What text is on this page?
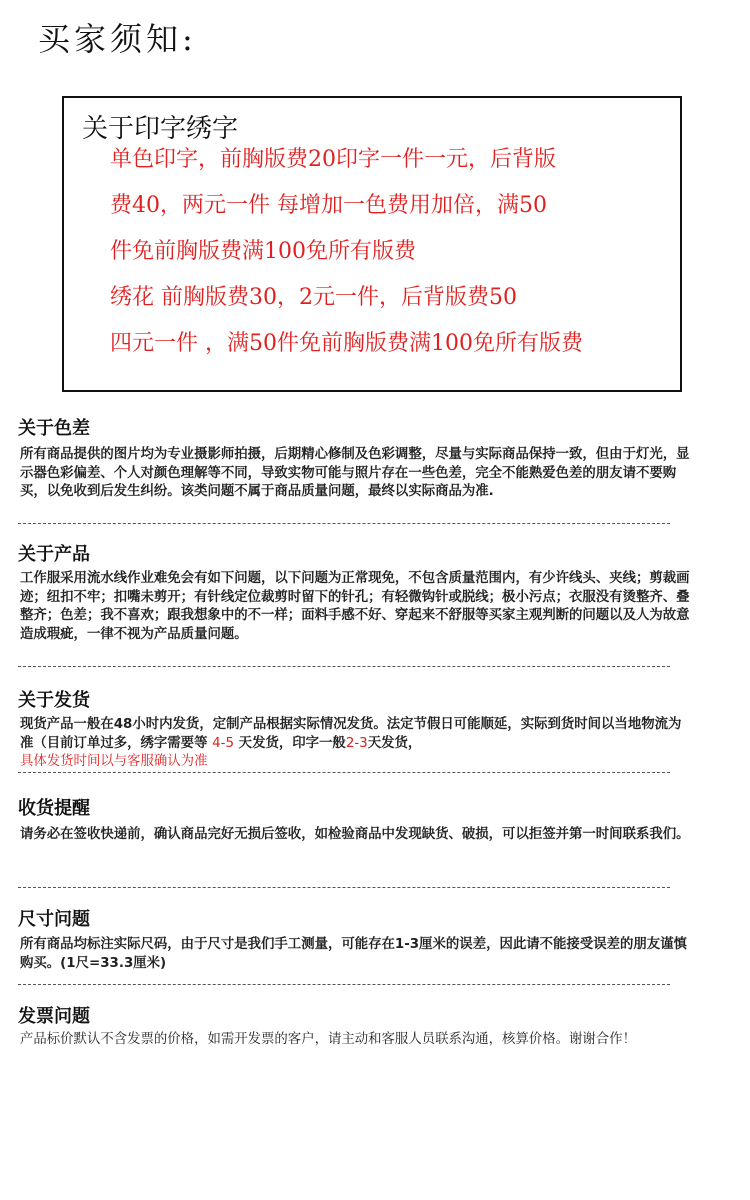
买家须知:
关于印字绣字
单色印字，前胸版费20印字一件一元，后背版
费40，两元一件 每增加一色费用加倍，满50
件免前胸版费满100免所有版费
绣花 前胸版费30，2元一件，后背版费50
四元一件 ，满50件免前胸版费满100免所有版费
关于色差
所有商品提供的图片均为专业摄影师拍摄，后期精心修制及色彩调整，尽量与实际商品保持一致，但由于灯光，显示器色彩偏差、个人对颜色理解等不同，导致实物可能与照片存在一些色差，完全不能熟爱色差的朋友请不要购买，以免收到后发生纠纷。该类问题不属于商品质量问题，最终以实际商品为准.
关于产品
工作服采用流水线作业难免会有如下问题，以下问题为正常现免，不包含质量范围内，有少许线头、夹线；剪裁画迹；纽扣不牢；扣嘴未剪开；有针线定位裁剪时留下的针孔；有轻微钩针或脱线；极小污点；衣服没有烫整齐、叠整齐；色差；我不喜欢；跟我想象中的不一样；面料手感不好、穿起来不舒服等买家主观判断的问题以及人为故意造成瑕疵，一律不视为产品质量问题。
关于发货
现货产品一般在48小时内发货，定制产品根据实际情况发货。法定节假日可能顺延，实际到货时间以当地物流为准（目前订单过多，绣字需要等 4-5 天发货，印字一般2-3天发货，
具体发货时间以与客服确认为准
收货提醒
请务必在签收快递前，确认商品完好无损后签收，如检验商品中发现缺货、破损，可以拒签并第一时间联系我们。
尺寸问题
所有商品均标注实际尺码，由于尺寸是我们手工测量，可能存在1-3厘米的误差，因此请不能接受误差的朋友谨慎购买。(1尺=33.3厘米)
发票问题
产品标价默认不含发票的价格，如需开发票的客户，请主动和客服人员联系沟通，核算价格。谢谢合作！
